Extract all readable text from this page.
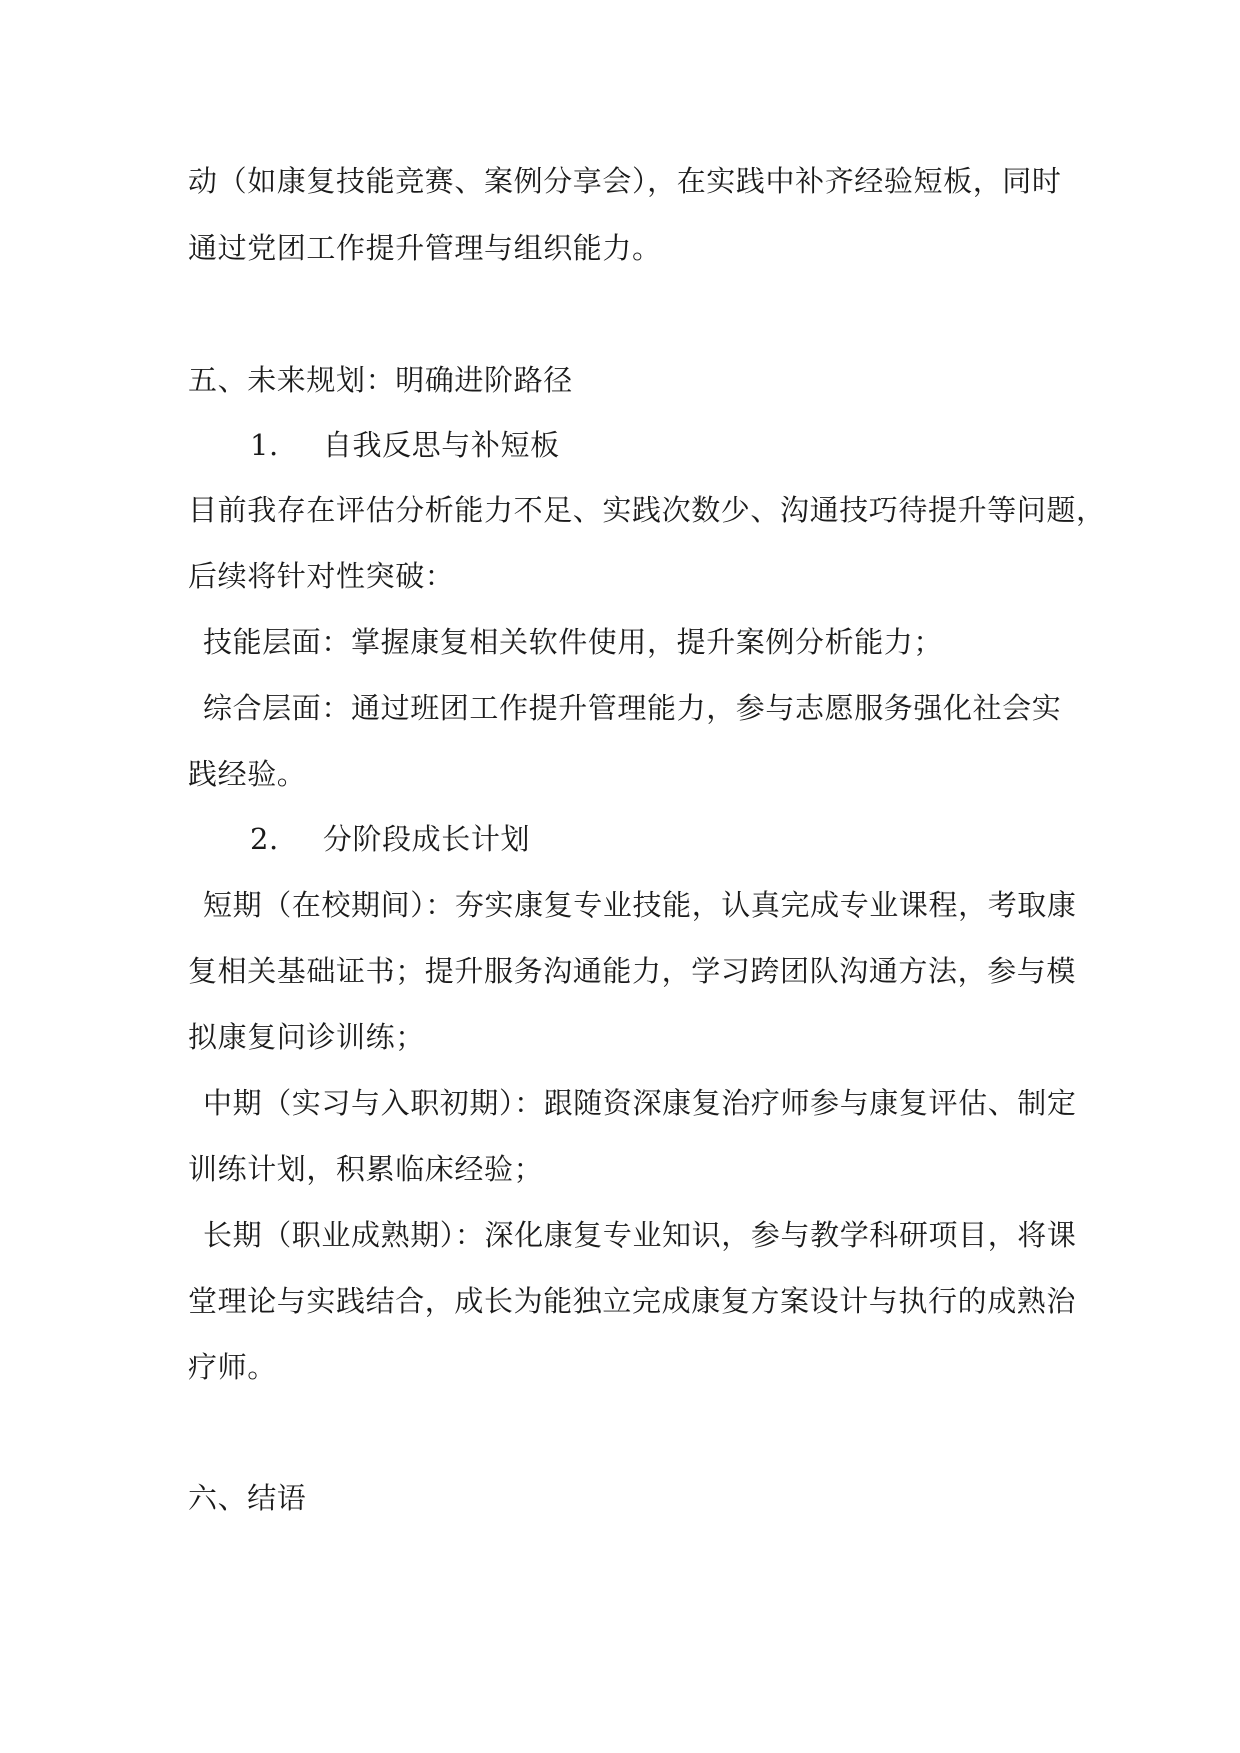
动（如康复技能竞赛、案例分享会），在实践中补齐经验短板，同时
通过党团工作提升管理与组织能力。
五、未来规划：明确进阶路径
1. 自我反思与补短板
目前我存在评估分析能力不足、实践次数少、沟通技巧待提升等问题，
后续将针对性突破：
技能层面：掌握康复相关软件使用，提升案例分析能力；
综合层面：通过班团工作提升管理能力，参与志愿服务强化社会实
践经验。
2. 分阶段成长计划
短期（在校期间）：夯实康复专业技能，认真完成专业课程，考取康
复相关基础证书；提升服务沟通能力，学习跨团队沟通方法，参与模
拟康复问诊训练；
中期（实习与入职初期）：跟随资深康复治疗师参与康复评估、制定
训练计划，积累临床经验；
长期（职业成熟期）：深化康复专业知识，参与教学科研项目，将课
堂理论与实践结合，成长为能独立完成康复方案设计与执行的成熟治
疗师。
六、结语
